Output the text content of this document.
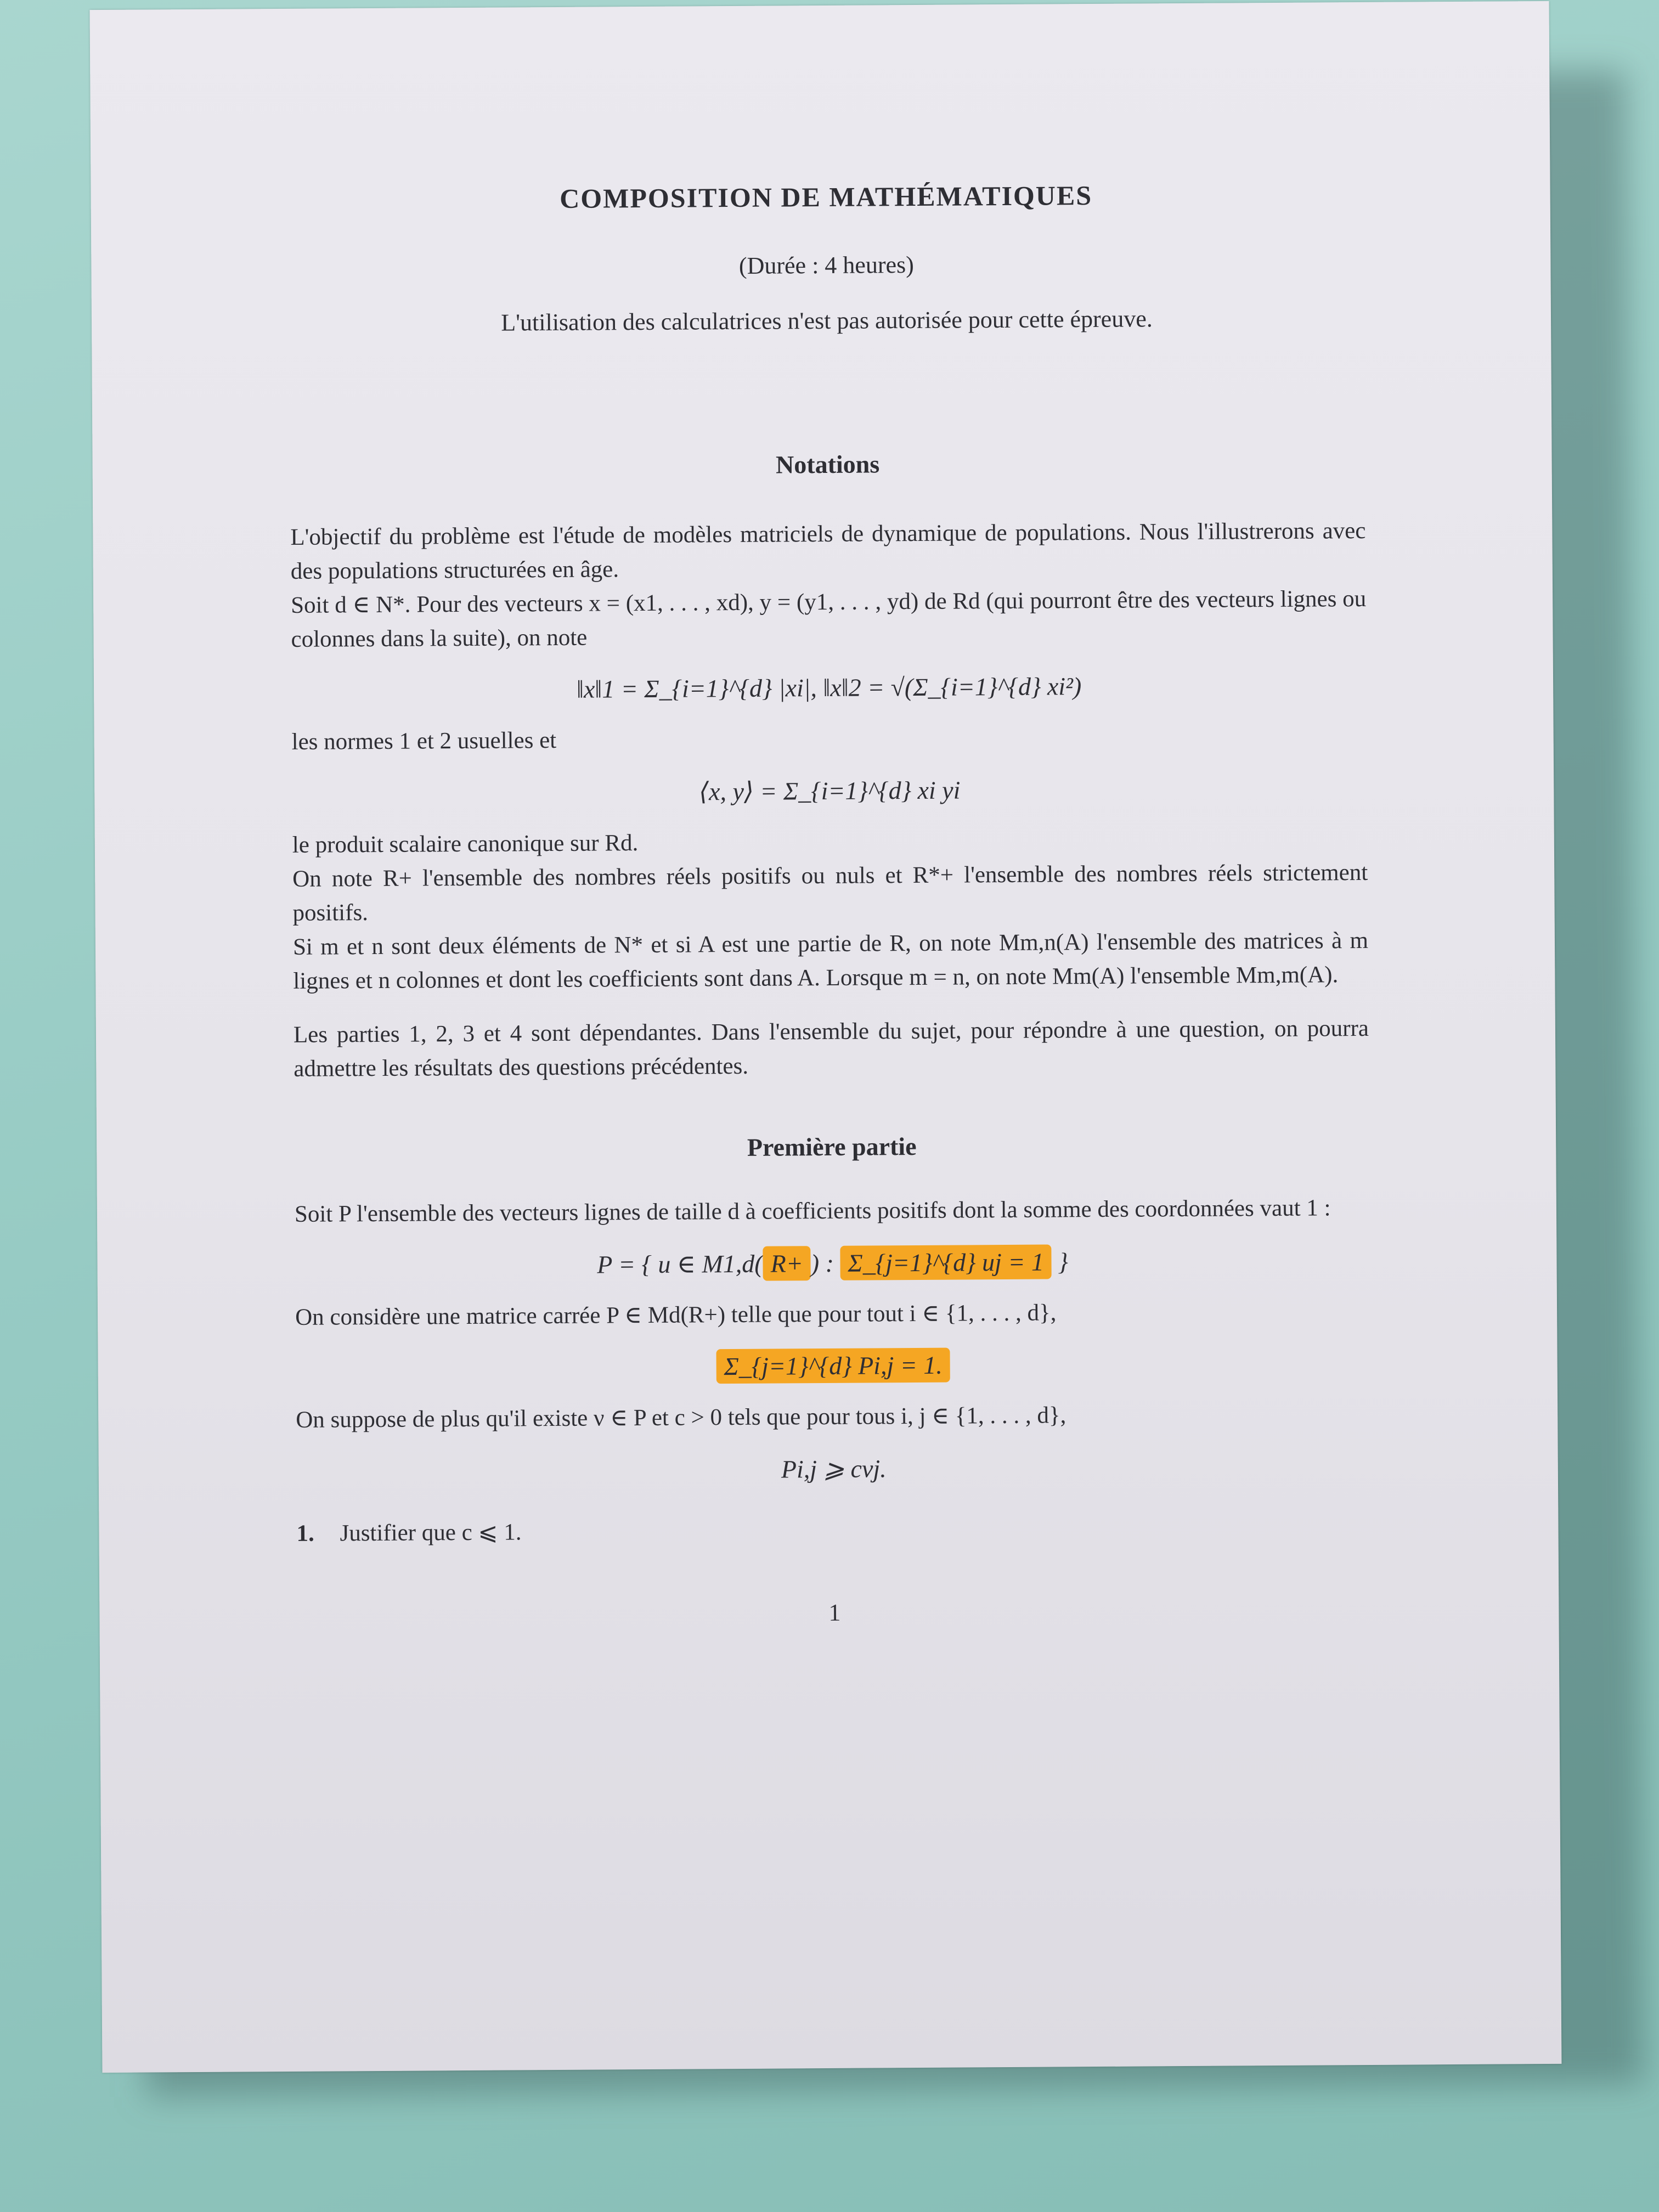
COMPOSITION DE MATHÉMATIQUES
(Durée : 4 heures)
L'utilisation des calculatrices n'est pas autorisée pour cette épreuve.
Notations

L'objectif du problème est l'étude de modèles matriciels de dynamique de populations. Nous l'illustrerons avec des populations structurées en âge.

Soit d ∈ N*. Pour des vecteurs x = (x1, . . . , xd), y = (y1, . . . , yd) de Rd (qui pourront être des vecteurs lignes ou colonnes dans la suite), on note

‖x‖1 = Σ_{i=1}^{d} |xi|, ‖x‖2 = √(Σ_{i=1}^{d} xi²)

les normes 1 et 2 usuelles et

⟨x, y⟩ = Σ_{i=1}^{d} xi yi

le produit scalaire canonique sur Rd.

On note R+ l'ensemble des nombres réels positifs ou nuls et R*+ l'ensemble des nombres réels strictement positifs.

Si m et n sont deux éléments de N* et si A est une partie de R, on note Mm,n(A) l'ensemble des matrices à m lignes et n colonnes et dont les coefficients sont dans A. Lorsque m = n, on note Mm(A) l'ensemble Mm,m(A).

Les parties 1, 2, 3 et 4 sont dépendantes. Dans l'ensemble du sujet, pour répondre à une question, on pourra admettre les résultats des questions précédentes.

Première partie

Soit P l'ensemble des vecteurs lignes de taille d à coefficients positifs dont la somme des coordonnées vaut 1 :

P = { u ∈ M1,d( R+ ) : Σ_{j=1}^{d} uj = 1 }

On considère une matrice carrée P ∈ Md(R+) telle que pour tout i ∈ {1, . . . , d},

Σ_{j=1}^{d} Pi,j = 1.

On suppose de plus qu'il existe ν ∈ P et c > 0 tels que pour tous i, j ∈ {1, . . . , d},

Pi,j ⩾ cνj.
1. Justifier que c ⩽ 1.
1
